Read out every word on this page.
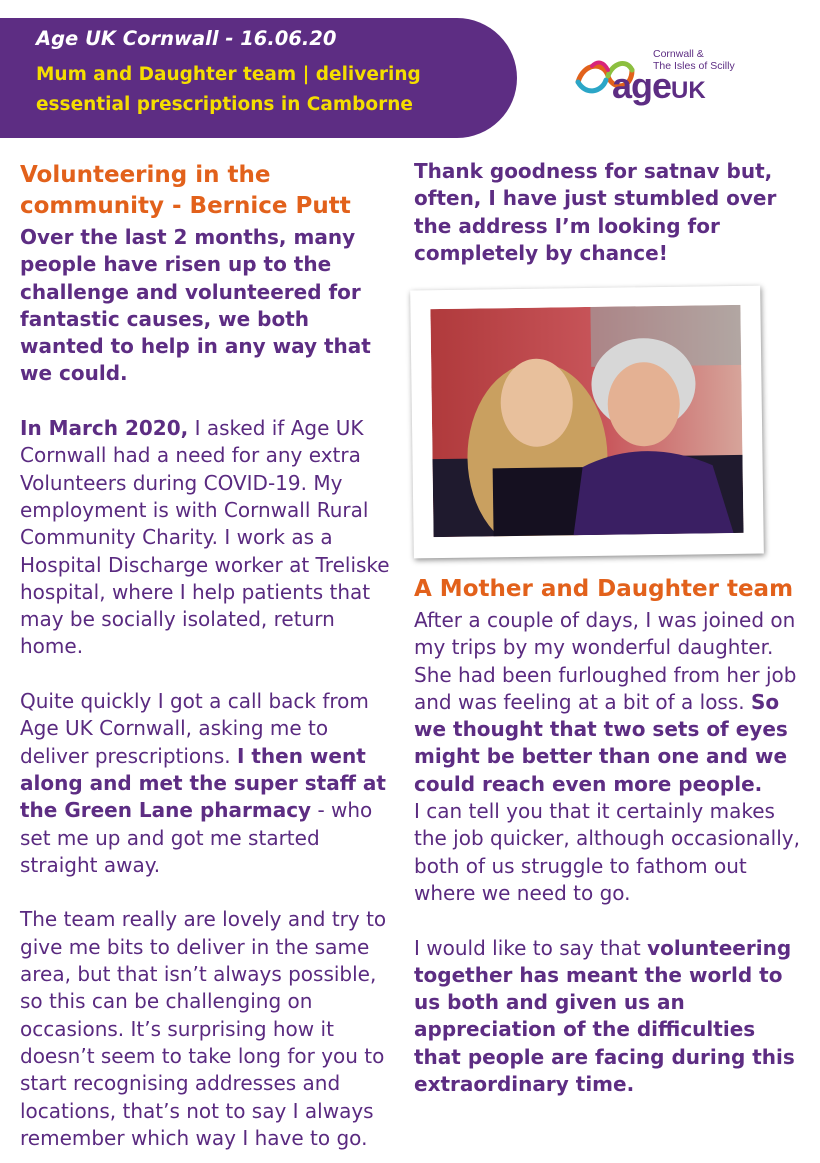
Age UK Cornwall - 16.06.20

Mum and Daughter team | delivering
essential prescriptions in Camborne

Cornwall &
The Isles of Scilly
ageUK
Volunteering in the
community - Bernice Putt

Over the last 2 months, many people have risen up to the challenge and volunteered for fantastic causes, we both wanted to help in any way that we could.

In March 2020, I asked if Age UK Cornwall had a need for any extra Volunteers during COVID-19. My employment is with Cornwall Rural Community Charity. I work as a Hospital Discharge worker at Treliske hospital, where I help patients that may be socially isolated, return home.

Quite quickly I got a call back from Age UK Cornwall, asking me to deliver prescriptions. I then went along and met the super staff at the Green Lane pharmacy - who set me up and got me started straight away.

The team really are lovely and try to give me bits to deliver in the same area, but that isn’t always possible, so this can be challenging on occasions. It’s surprising how it doesn’t seem to take long for you to start recognising addresses and locations, that’s not to say I always remember which way I have to go.

Thank goodness for satnav but, often, I have just stumbled over the address I’m looking for completely by chance!

A Mother and Daughter team

After a couple of days, I was joined on my trips by my wonderful daughter. She had been furloughed from her job and was feeling at a bit of a loss. So we thought that two sets of eyes might be better than one and we could reach even more people.

I can tell you that it certainly makes the job quicker, although occasionally, both of us struggle to fathom out where we need to go.

I would like to say that volunteering together has meant the world to us both and given us an appreciation of the difficulties that people are facing during this extraordinary time.
